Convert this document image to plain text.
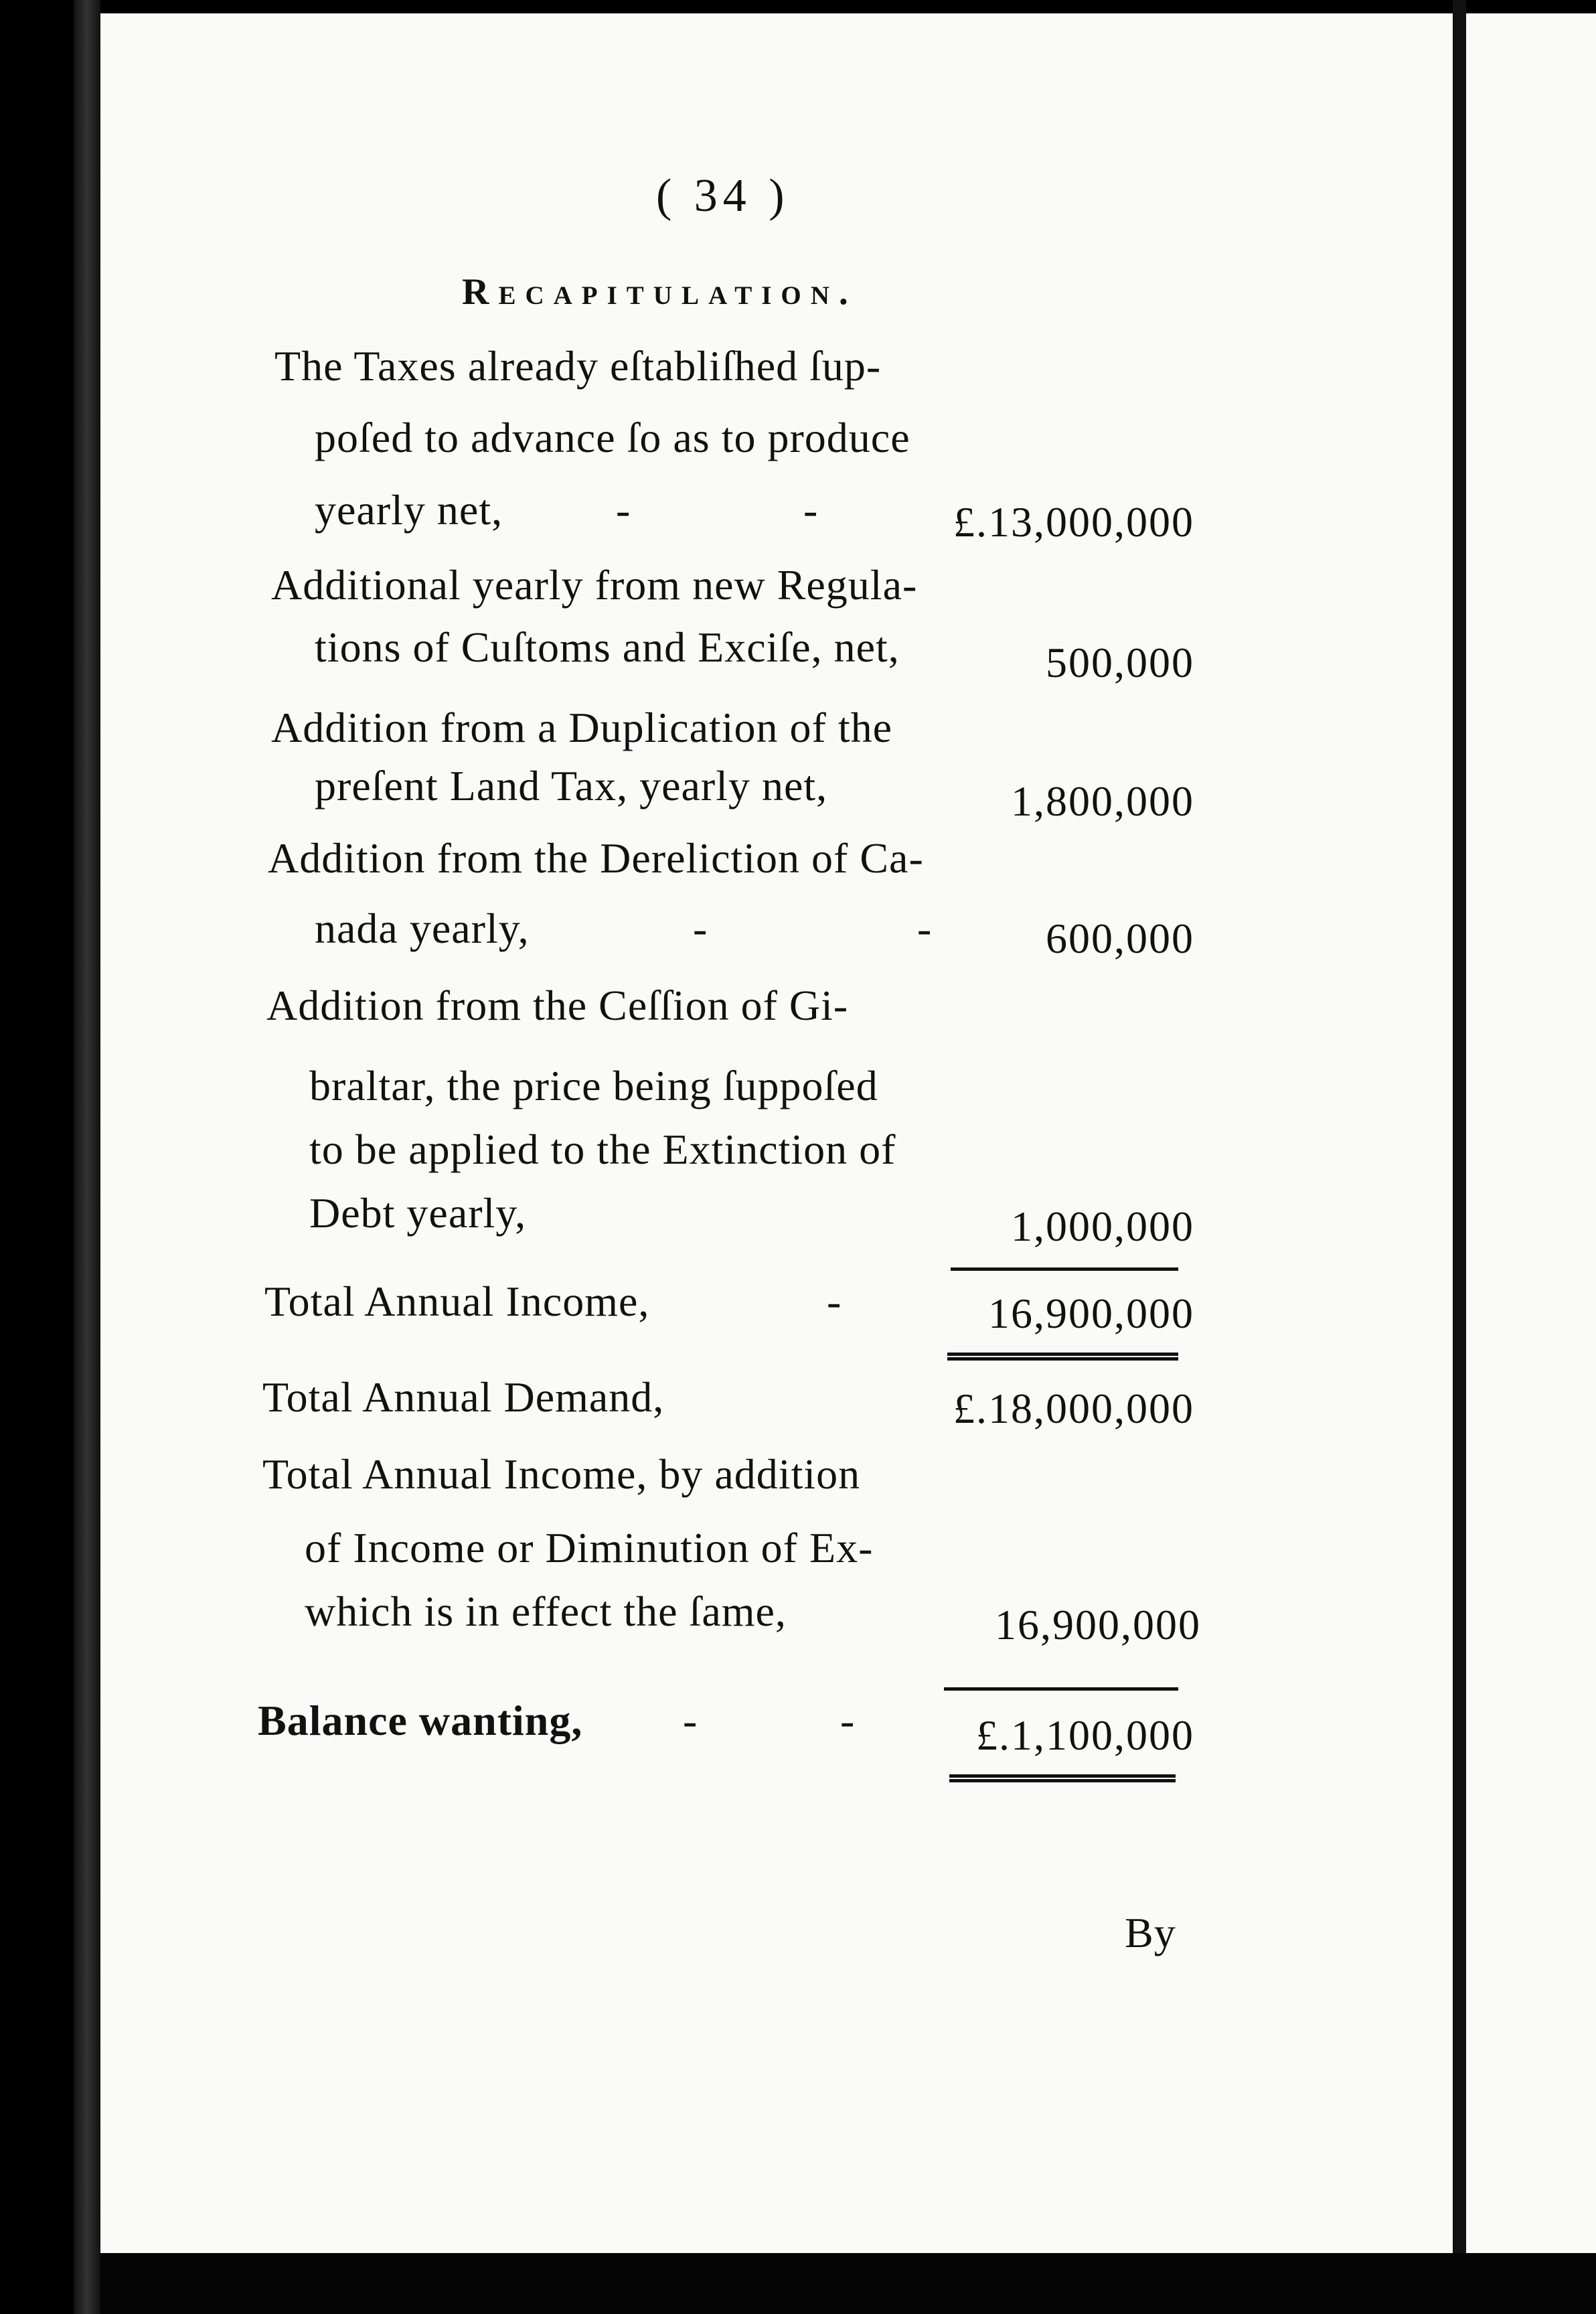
( 34 )
Recapitulation.
The Taxes already eſtabliſhed ſup-
poſed to advance ſo as to produce
yearly net,	-	-	£.13,000,000
Additional yearly from new Regula-
tions of Cuſtoms and Exciſe, net,	500,000
Addition from a Duplication of the
preſent Land Tax, yearly net,	1,800,000
Addition from the Dereliction of Ca-
nada yearly,	-	-	600,000
Addition from the Ceſſion of Gi-
braltar, the price being ſuppoſed
to be applied to the Extinction of
Debt yearly,	1,000,000
Total Annual Income,	-	16,900,000
Total Annual Demand,	£.18,000,000
Total Annual Income, by addition
of Income or Diminution of Ex-
which is in effect the ſame,	16,900,000
Balance wanting, -	-	£.1,100,000
By
